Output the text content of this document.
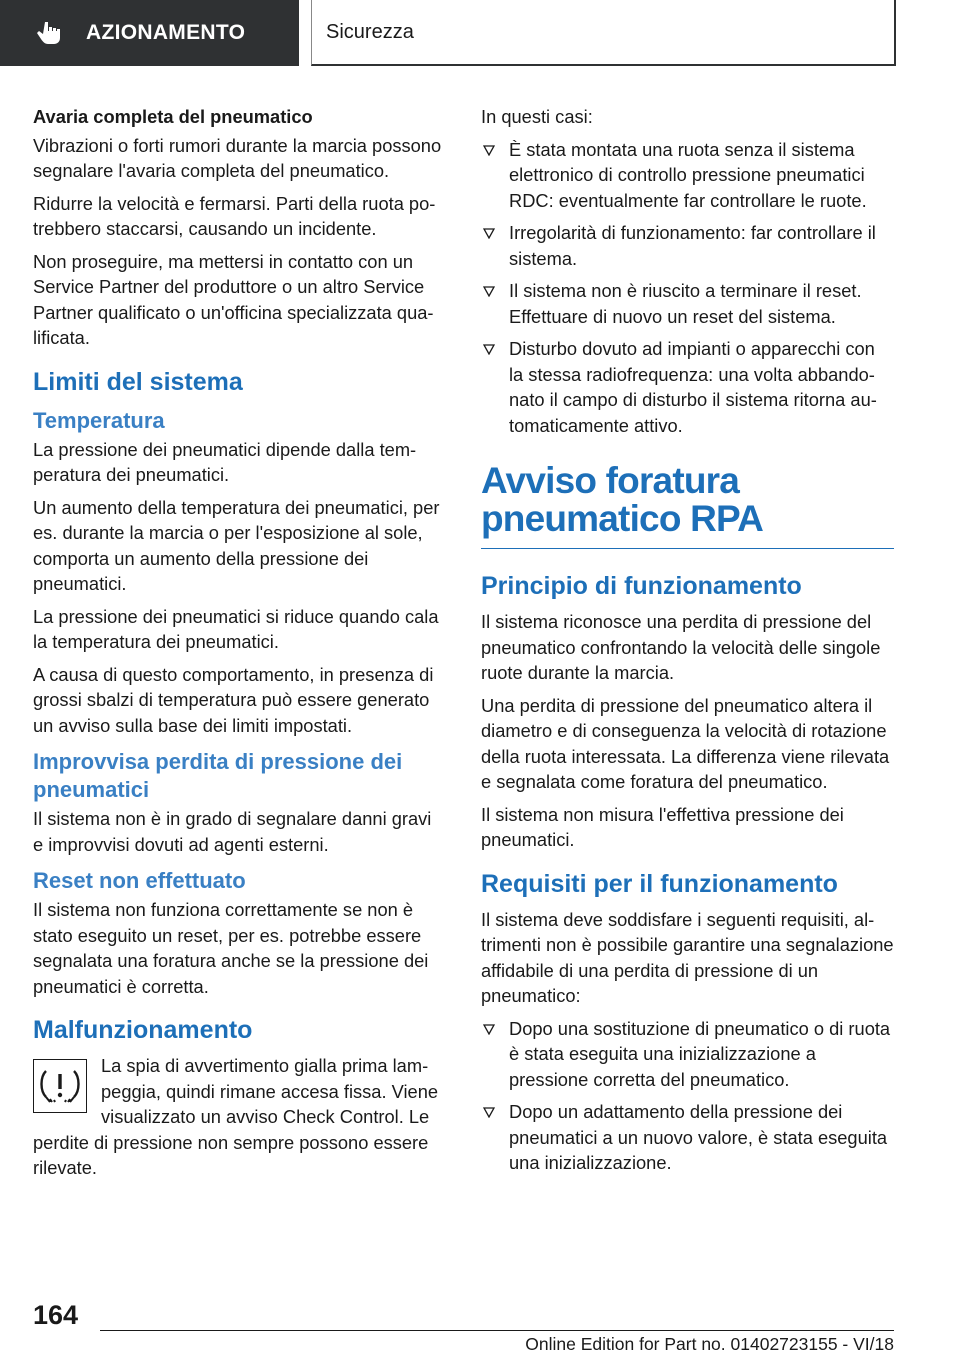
AZIONAMENTO	Sicurezza
Avaria completa del pneumatico

Vibrazioni o forti rumori durante la marcia possono segnalare l'avaria completa del pneumatico.

Ridurre la velocità e fermarsi. Parti della ruota potrebbero staccarsi, causando un incidente.

Non proseguire, ma mettersi in contatto con un Service Partner del produttore o un altro Service Partner qualificato o un'officina specializzata qualificata.

Limiti del sistema
Temperatura

La pressione dei pneumatici dipende dalla temperatura dei pneumatici.

Un aumento della temperatura dei pneumatici, per es. durante la marcia o per l'esposizione al sole, comporta un aumento della pressione dei pneumatici.

La pressione dei pneumatici si riduce quando cala la temperatura dei pneumatici.

A causa di questo comportamento, in presenza di grossi sbalzi di temperatura può essere generato un avviso sulla base dei limiti impostati.

Improvvisa perdita di pressione dei pneumatici

Il sistema non è in grado di segnalare danni gravi e improvvisi dovuti ad agenti esterni.

Reset non effettuato

Il sistema non funziona correttamente se non è stato eseguito un reset, per es. potrebbe essere segnalata una foratura anche se la pressione dei pneumatici è corretta.

Malfunzionamento

La spia di avvertimento gialla prima lampeggia, quindi rimane accesa fissa. Viene visualizzato un avviso Check Control. Le perdite di pressione non sempre possono essere rilevate.

In questi casi:

È stata montata una ruota senza il sistema elettronico di controllo pressione pneumatici RDC: eventualmente far controllare le ruote.
Irregolarità di funzionamento: far controllare il sistema.
Il sistema non è riuscito a terminare il reset. Effettuare di nuovo un reset del sistema.
Disturbo dovuto ad impianti o apparecchi con la stessa radiofrequenza: una volta abbandonato il campo di disturbo il sistema ritorna automaticamente attivo.
Avviso foratura pneumatico RPA
Principio di funzionamento

Il sistema riconosce una perdita di pressione del pneumatico confrontando la velocità delle singole ruote durante la marcia.

Una perdita di pressione del pneumatico altera il diametro e di conseguenza la velocità di rotazione della ruota interessata. La differenza viene rilevata e segnalata come foratura del pneumatico.

Il sistema non misura l'effettiva pressione dei pneumatici.

Requisiti per il funzionamento

Il sistema deve soddisfare i seguenti requisiti, altrimenti non è possibile garantire una segnalazione affidabile di una perdita di pressione di un pneumatico:

Dopo una sostituzione di pneumatico o di ruota è stata eseguita una inizializzazione a pressione corretta del pneumatico.
Dopo un adattamento della pressione dei pneumatici a un nuovo valore, è stata eseguita una inizializzazione.
164
Online Edition for Part no. 01402723155 - VI/18
